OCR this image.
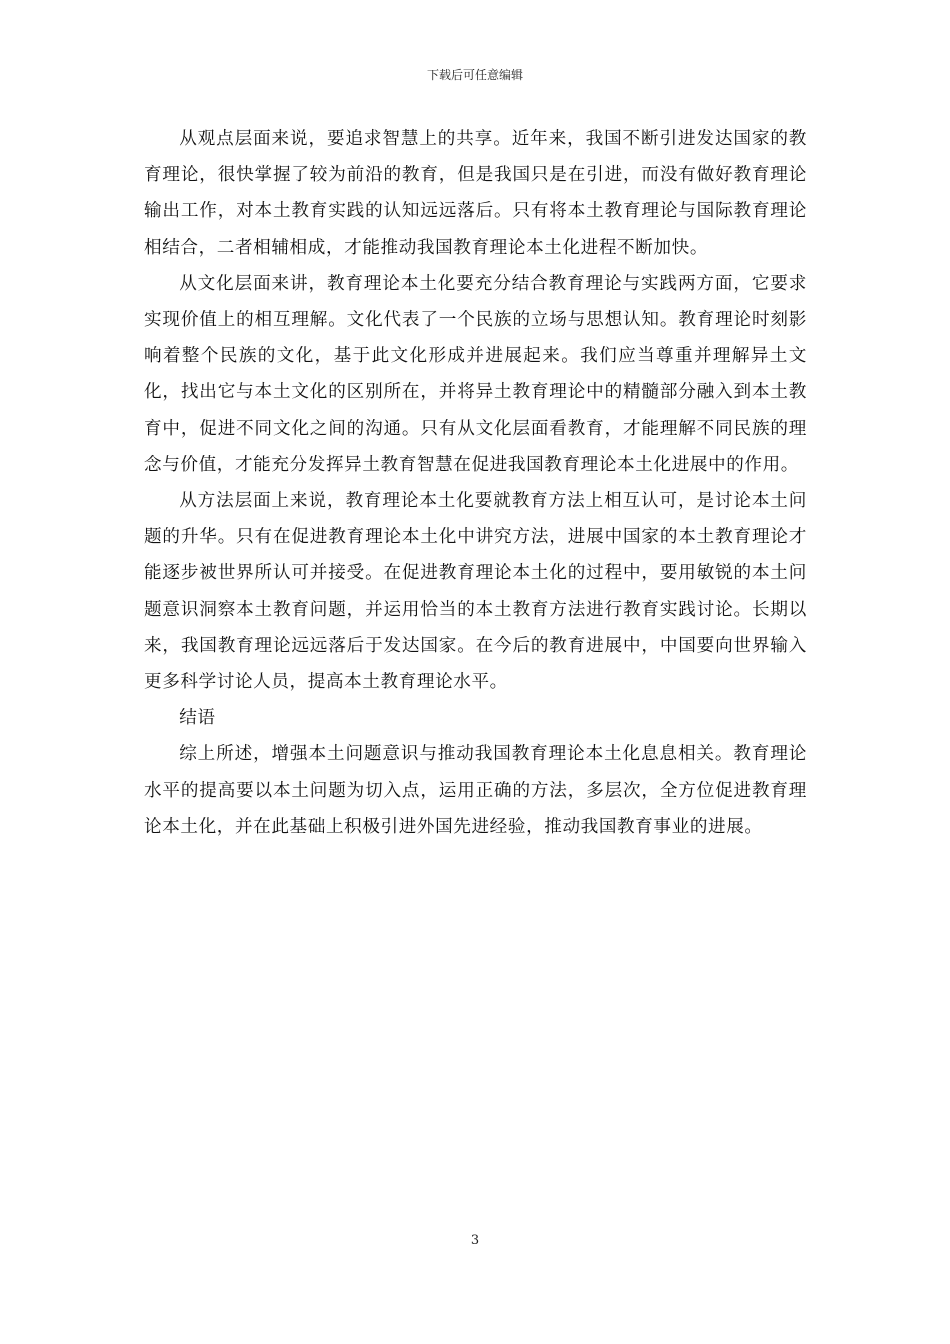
下载后可任意编辑

从观点层面来说，要追求智慧上的共享。近年来，我国不断引进发达国家的教育理论，很快掌握了较为前沿的教育，但是我国只是在引进，而没有做好教育理论输出工作，对本土教育实践的认知远远落后。只有将本土教育理论与国际教育理论相结合，二者相辅相成，才能推动我国教育理论本土化进程不断加快。

从文化层面来讲，教育理论本土化要充分结合教育理论与实践两方面，它要求实现价值上的相互理解。文化代表了一个民族的立场与思想认知。教育理论时刻影响着整个民族的文化，基于此文化形成并进展起来。我们应当尊重并理解异土文化，找出它与本土文化的区别所在，并将异土教育理论中的精髓部分融入到本土教育中，促进不同文化之间的沟通。只有从文化层面看教育，才能理解不同民族的理念与价值，才能充分发挥异土教育智慧在促进我国教育理论本土化进展中的作用。

从方法层面上来说，教育理论本土化要就教育方法上相互认可，是讨论本土问题的升华。只有在促进教育理论本土化中讲究方法，进展中国家的本土教育理论才能逐步被世界所认可并接受。在促进教育理论本土化的过程中，要用敏锐的本土问题意识洞察本土教育问题，并运用恰当的本土教育方法进行教育实践讨论。长期以来，我国教育理论远远落后于发达国家。在今后的教育进展中，中国要向世界输入更多科学讨论人员，提高本土教育理论水平。

结语

综上所述，增强本土问题意识与推动我国教育理论本土化息息相关。教育理论水平的提高要以本土问题为切入点，运用正确的方法，多层次，全方位促进教育理论本土化，并在此基础上积极引进外国先进经验，推动我国教育事业的进展。

3
